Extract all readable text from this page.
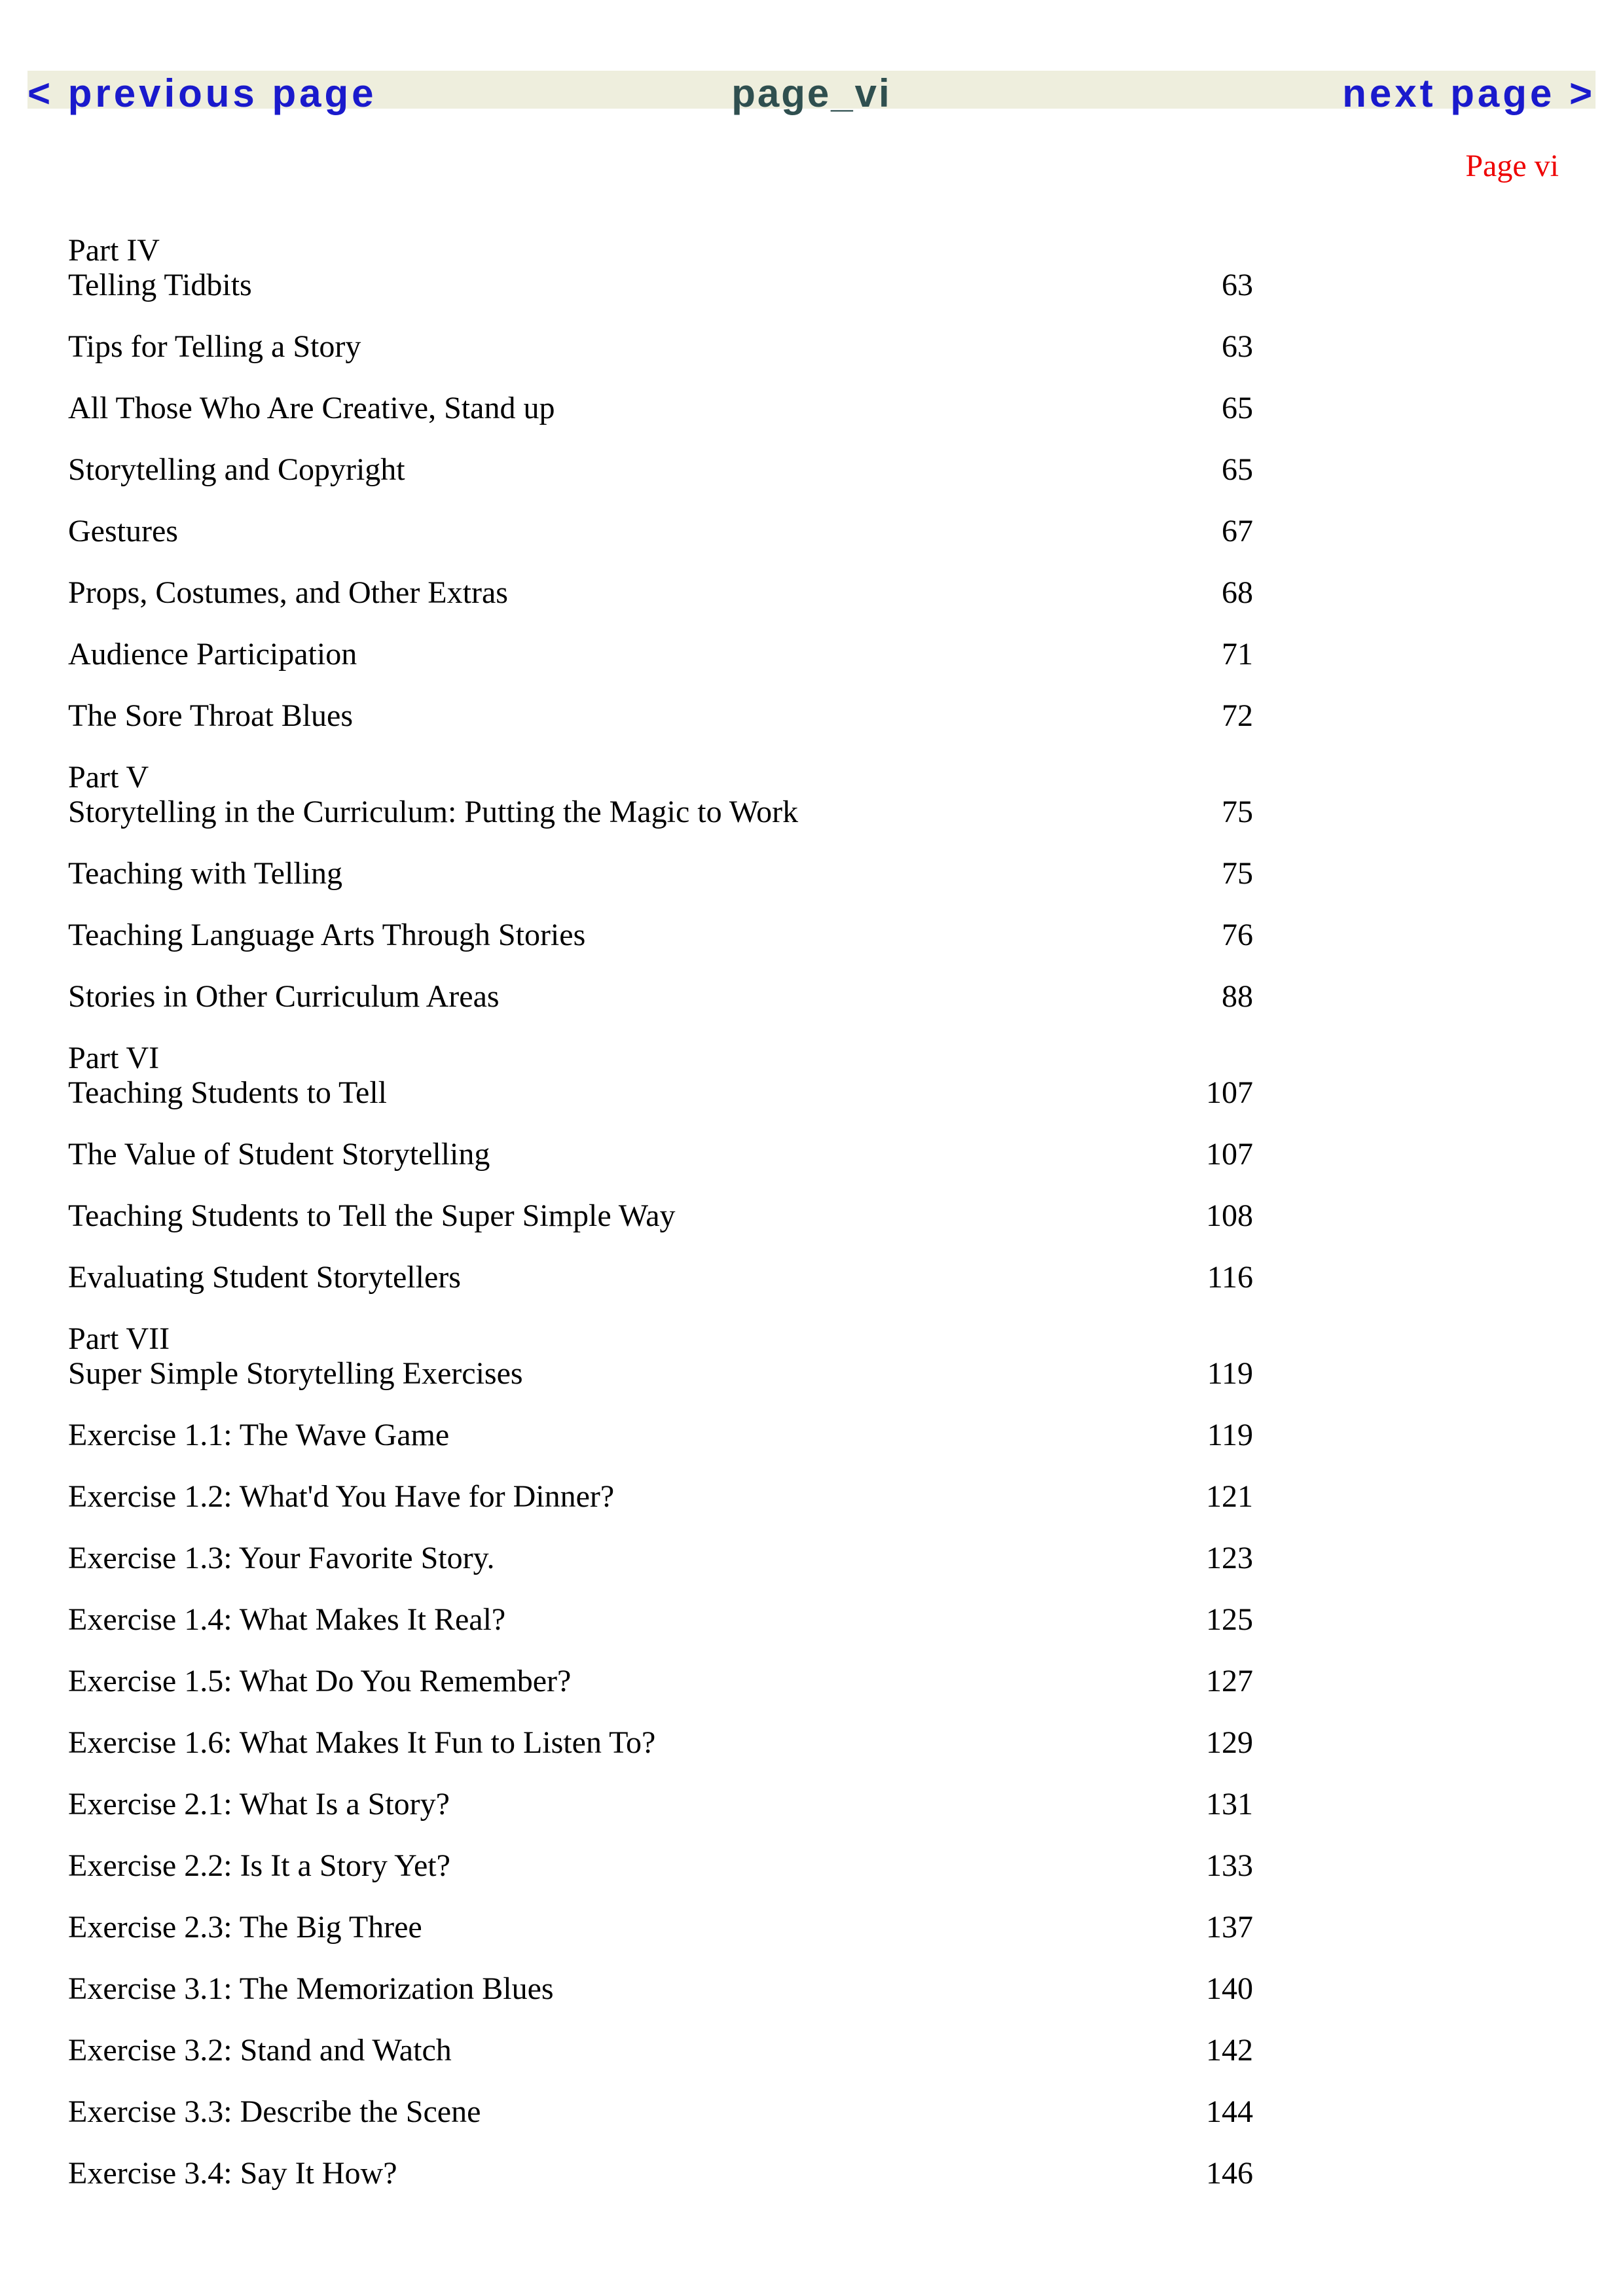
< previous page	page_vi	next page >
Page vi
Part IV
Telling Tidbits	63
Tips for Telling a Story	63
All Those Who Are Creative, Stand up	65
Storytelling and Copyright	65
Gestures	67
Props, Costumes, and Other Extras	68
Audience Participation	71
The Sore Throat Blues	72
Part V
Storytelling in the Curriculum: Putting the Magic to Work	75
Teaching with Telling	75
Teaching Language Arts Through Stories	76
Stories in Other Curriculum Areas	88
Part VI
Teaching Students to Tell	107
The Value of Student Storytelling	107
Teaching Students to Tell the Super Simple Way	108
Evaluating Student Storytellers	116
Part VII
Super Simple Storytelling Exercises	119
Exercise 1.1: The Wave Game	119
Exercise 1.2: What'd You Have for Dinner?	121
Exercise 1.3: Your Favorite Story.	123
Exercise 1.4: What Makes It Real?	125
Exercise 1.5: What Do You Remember?	127
Exercise 1.6: What Makes It Fun to Listen To?	129
Exercise 2.1: What Is a Story?	131
Exercise 2.2: Is It a Story Yet?	133
Exercise 2.3: The Big Three	137
Exercise 3.1: The Memorization Blues	140
Exercise 3.2: Stand and Watch	142
Exercise 3.3: Describe the Scene	144
Exercise 3.4: Say It How?	146
